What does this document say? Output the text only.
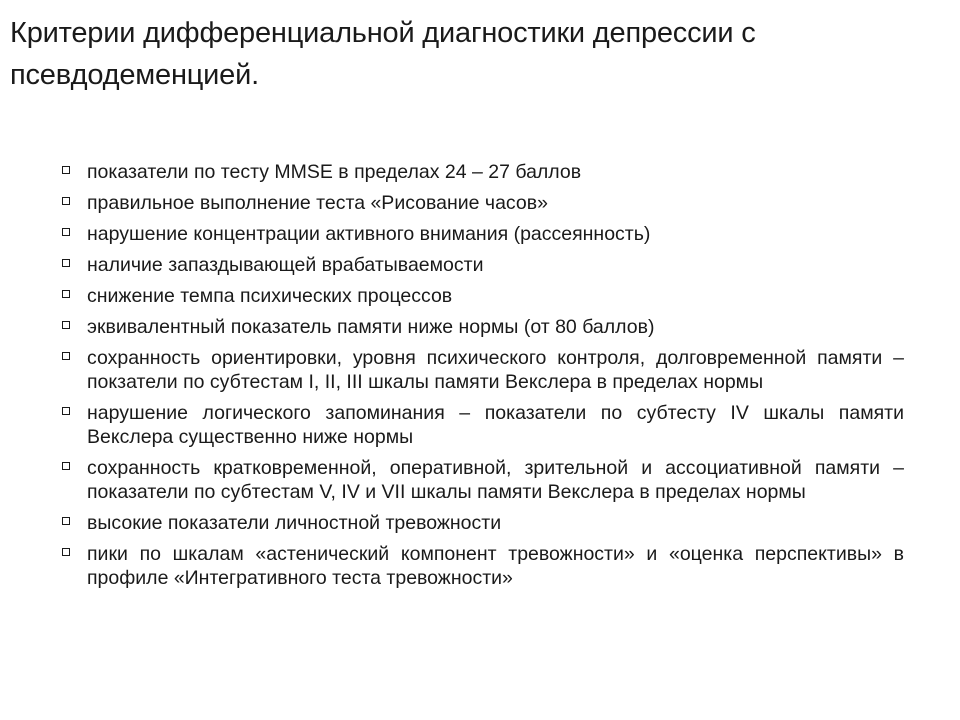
Критерии дифференциальной диагностики депрессии с псевдодеменцией.
показатели по тесту MMSE в пределах 24 – 27 баллов
правильное выполнение теста «Рисование часов»
нарушение концентрации активного внимания (рассеянность)
наличие запаздывающей врабатываемости
снижение темпа психических процессов
эквивалентный показатель памяти ниже нормы (от 80 баллов)
сохранность ориентировки, уровня психического контроля, долговременной памяти – покзатели по субтестам I, II, III шкалы памяти Векслера в пределах нормы
нарушение логического запоминания – показатели по субтесту IV шкалы памяти Векслера существенно ниже нормы
сохранность кратковременной, оперативной, зрительной и ассоциативной памяти – показатели по субтестам V, IV и VII шкалы памяти Векслера в пределах нормы
высокие показатели личностной тревожности
пики по шкалам «астенический компонент тревожности» и «оценка перспективы» в профиле «Интегративного теста тревожности»
